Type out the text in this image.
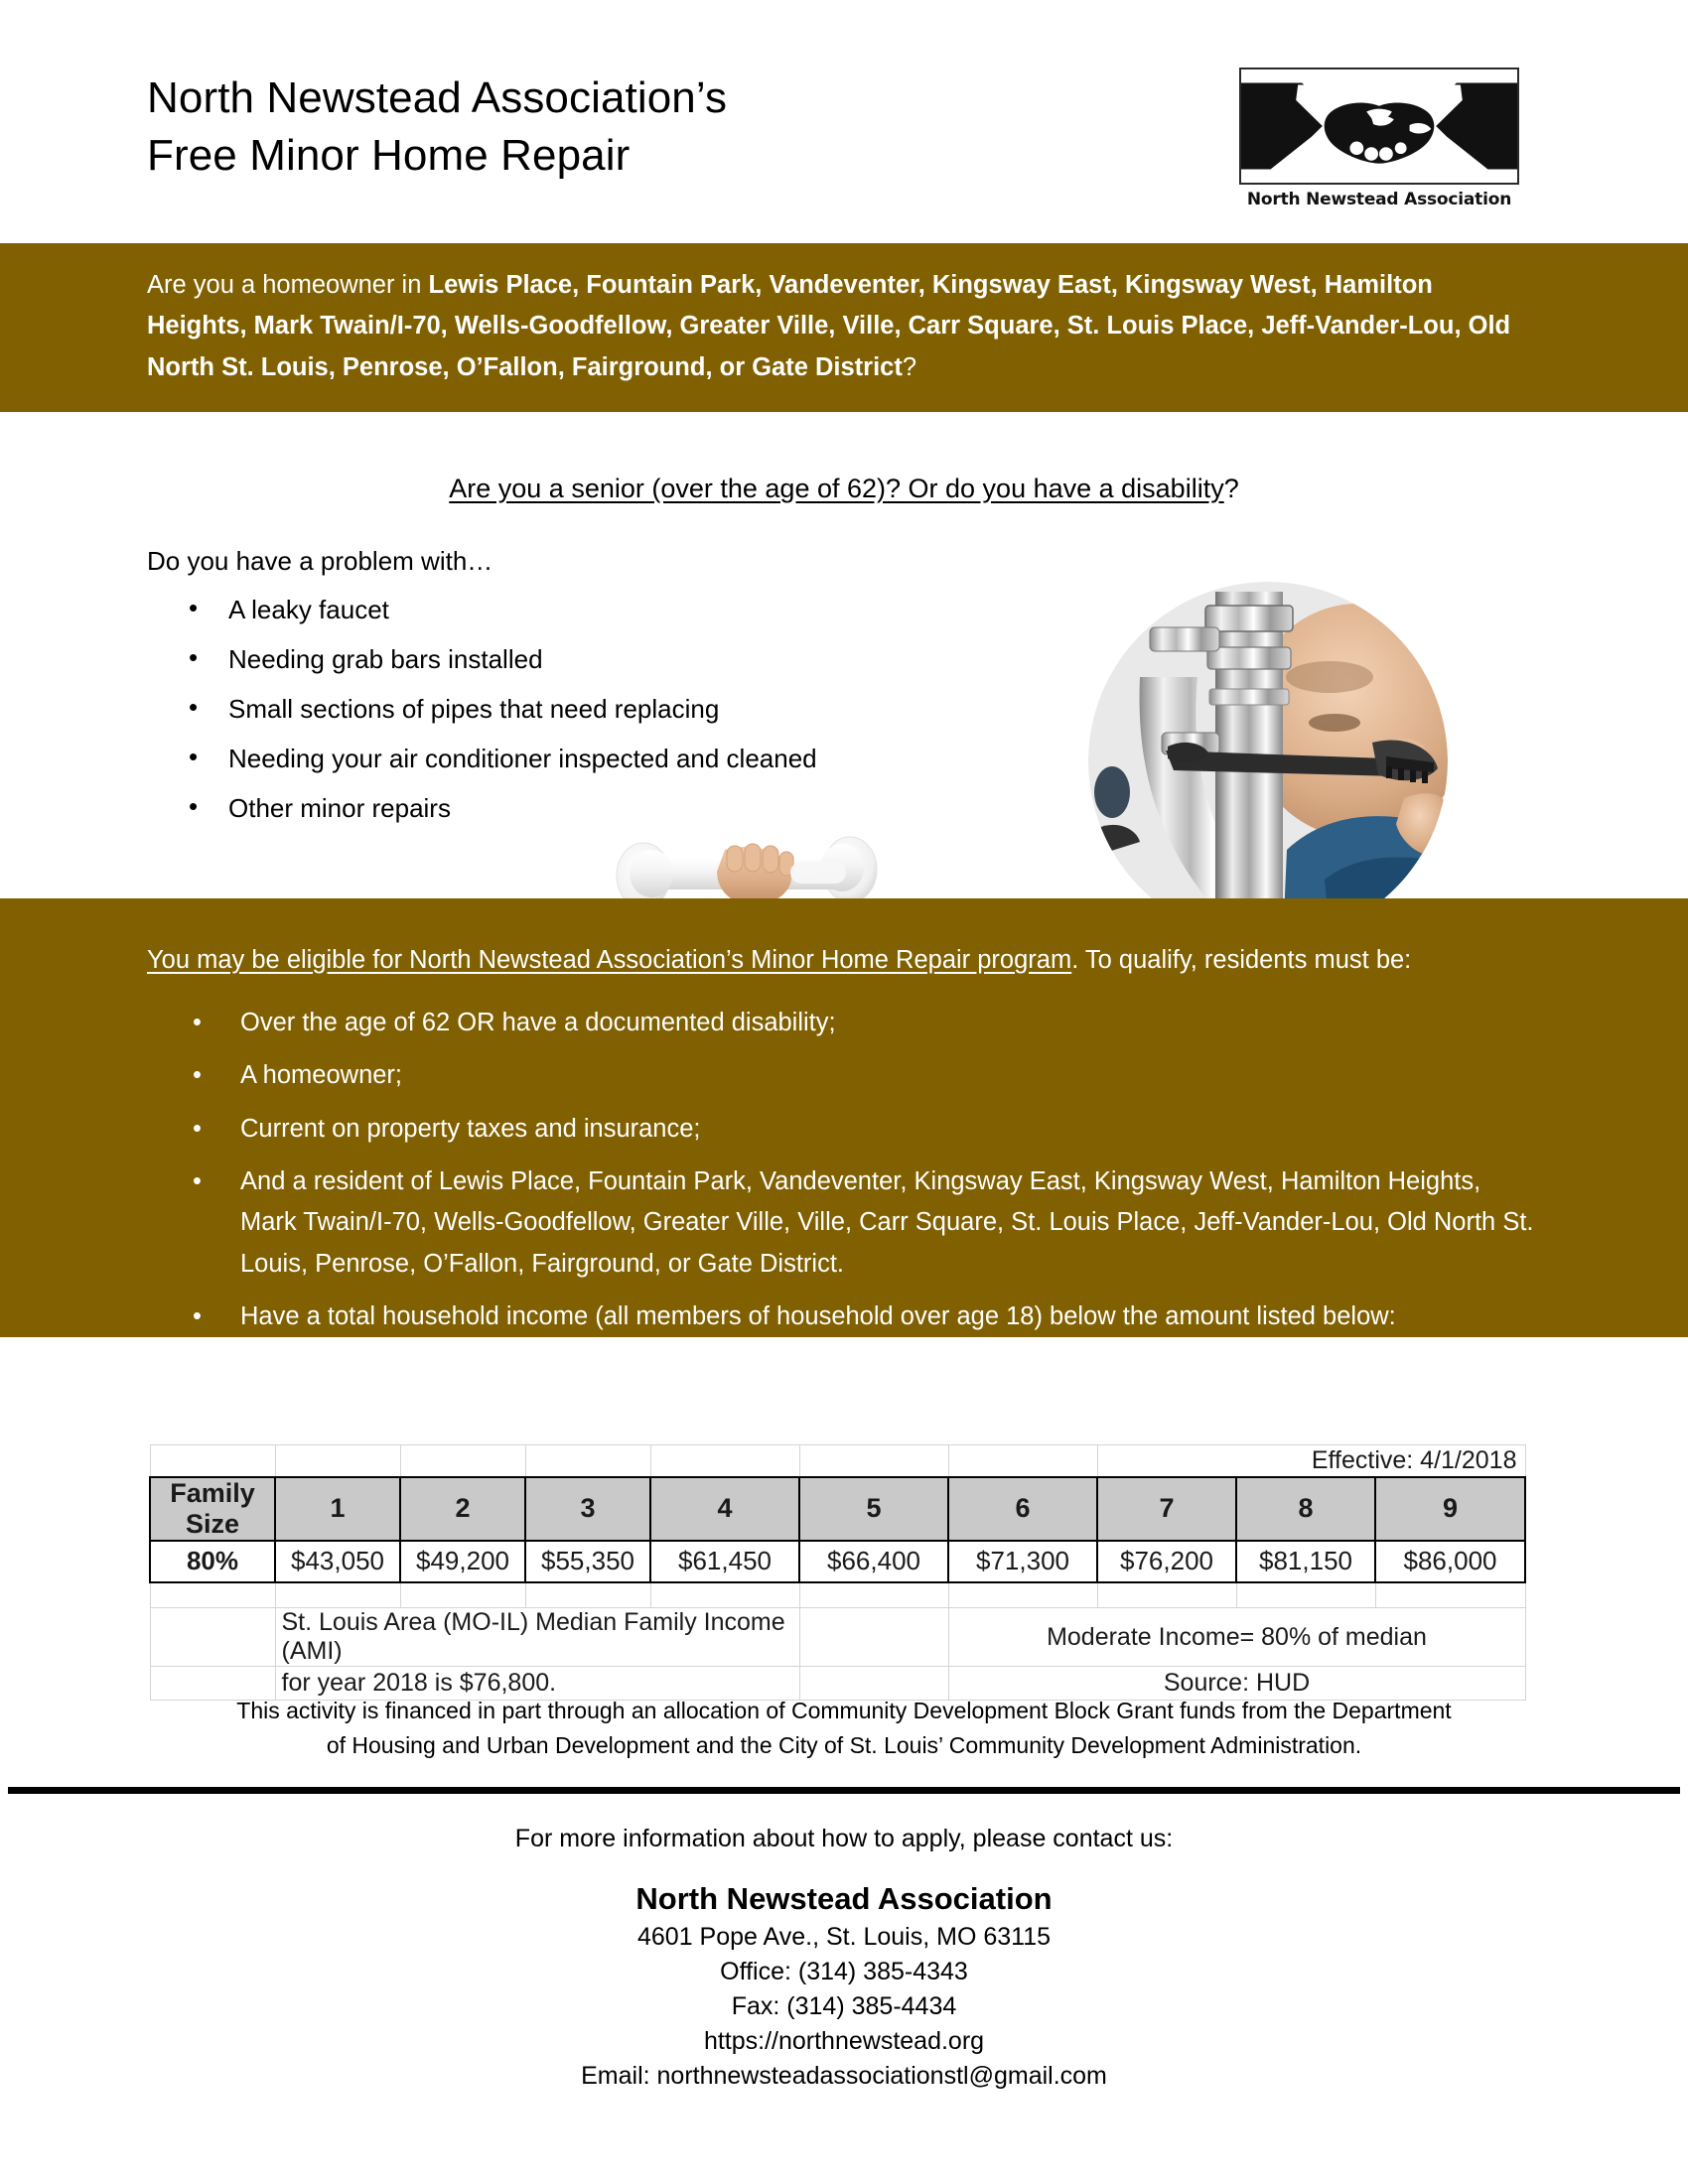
North Newstead Association’s
Free Minor Home Repair
North Newstead Association
Are you a homeowner in Lewis Place, Fountain Park, Vandeventer, Kingsway East, Kingsway West, Hamilton Heights, Mark Twain/I-70, Wells-Goodfellow, Greater Ville, Ville, Carr Square, St. Louis Place, Jeff-Vander-Lou, Old North St. Louis, Penrose, O’Fallon, Fairground, or Gate District?
Are you a senior (over the age of 62)? Or do you have a disability?
Do you have a problem with…
• A leaky faucet
• Needing grab bars installed
• Small sections of pipes that need replacing
• Needing your air conditioner inspected and cleaned
• Other minor repairs
You may be eligible for North Newstead Association’s Minor Home Repair program. To qualify, residents must be:
• Over the age of 62 OR have a documented disability;
• A homeowner;
• Current on property taxes and insurance;
• And a resident of Lewis Place, Fountain Park, Vandeventer, Kingsway East, Kingsway West, Hamilton Heights, Mark Twain/I-70, Wells-Goodfellow, Greater Ville, Ville, Carr Square, St. Louis Place, Jeff-Vander-Lou, Old North St. Louis, Penrose, O’Fallon, Fairground, or Gate District.
• Have a total household income (all members of household over age 18) below the amount listed below:
							Effective: 4/1/2018		
Family Size	1	2	3	4	5	6	7	8	9
80%	$43,050	$49,200	$55,350	$61,450	$66,400	$71,300	$76,200	$81,150	$86,000

	St. Louis Area (MO-IL) Median Family Income (AMI)					Moderate Income= 80% of median			
	for year 2018 is $76,800.					Source: HUD			
This activity is financed in part through an allocation of Community Development Block Grant funds from the Department
of Housing and Urban Development and the City of St. Louis’ Community Development Administration.
For more information about how to apply, please contact us:
North Newstead Association
4601 Pope Ave., St. Louis, MO 63115
Office: (314) 385-4343
Fax: (314) 385-4434
https://northnewstead.org
Email: northnewsteadassociationstl@gmail.com
